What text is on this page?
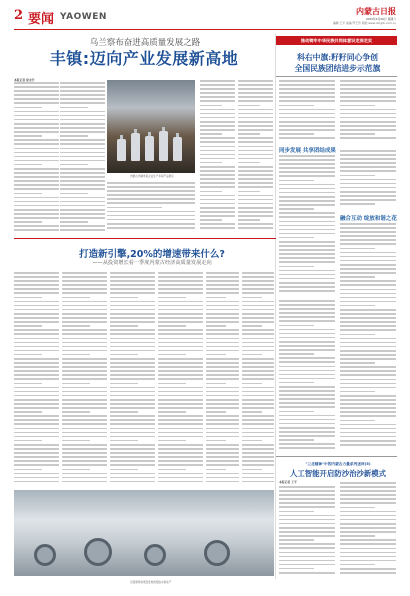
2 要闻 YAOWEN
内蒙古日报
2025年4月26日 星期六
编辑:王平 美编:罗艺玲 网址:www.nmgrb.com.cn
乌兰察布奋进高质量发展之路
丰镇:迈向产业发展新高地
本报记者 徐永升
内蒙古丰镇市某企业生产车间产品展示
推动铸牢中华民族共同体意识走深走实
科右中旗:籽籽同心争创
全国民族团结进步示范旗
同步发展 共享团结成果
融合互动 绽放和谐之花
打造新引擎,20%的增速带来什么?
——从投资增长看一季度内蒙古经济高质量发展走向
运营商风电项目发电机组在车间生产
"三北精神"中的内蒙古力量系列述评(5)
人工智能开启防沙治沙新模式
本报记者 王平
